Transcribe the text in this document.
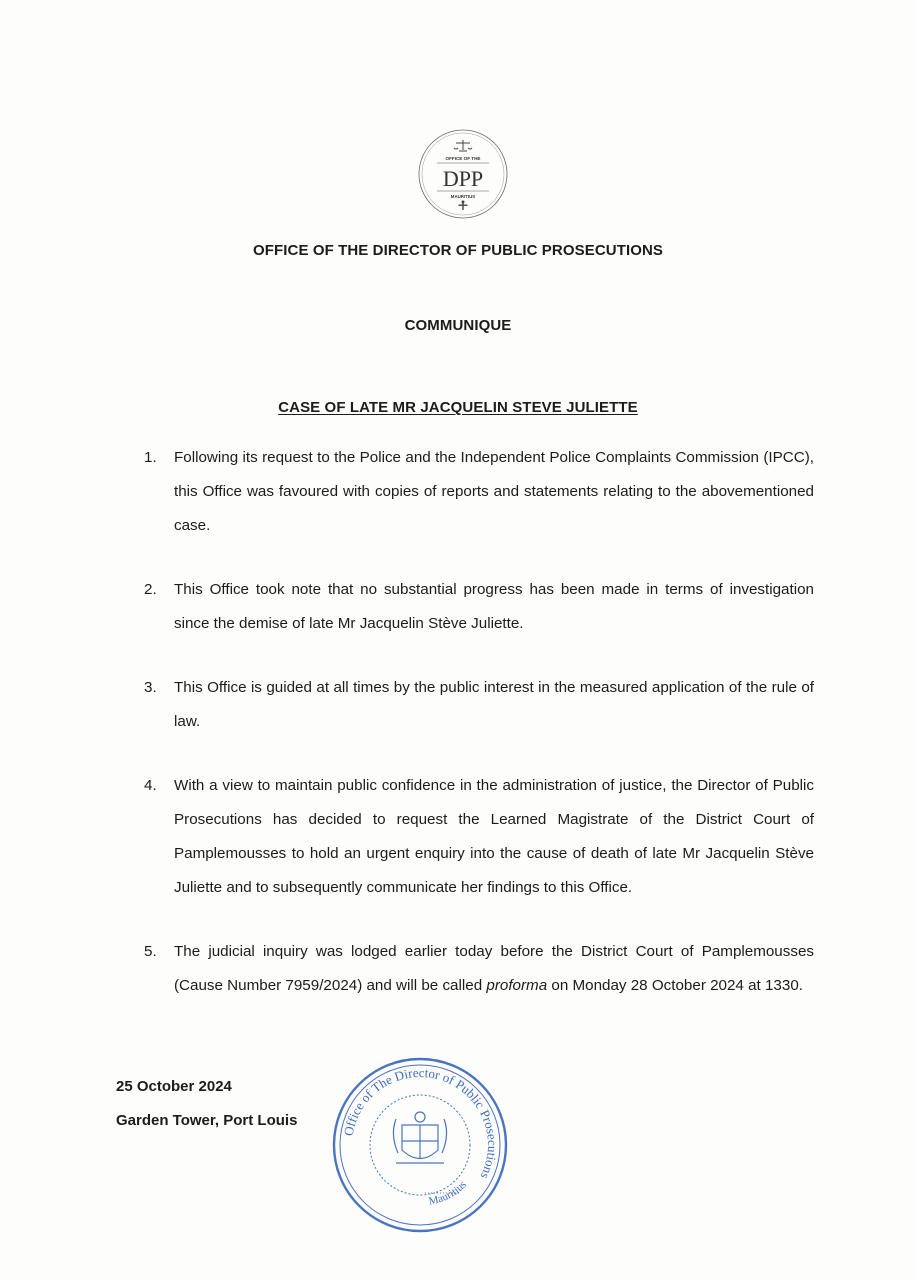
OFFICE OF THE
DPP
MAURITIUS
OFFICE OF THE DIRECTOR OF PUBLIC PROSECUTIONS
COMMUNIQUE
CASE OF LATE MR JACQUELIN STEVE JULIETTE
1. Following its request to the Police and the Independent Police Complaints Commission (IPCC), this Office was favoured with copies of reports and statements relating to the abovementioned case.
2. This Office took note that no substantial progress has been made in terms of investigation since the demise of late Mr Jacquelin Stève Juliette.
3. This Office is guided at all times by the public interest in the measured application of the rule of law.
4. With a view to maintain public confidence in the administration of justice, the Director of Public Prosecutions has decided to request the Learned Magistrate of the District Court of Pamplemousses to hold an urgent enquiry into the cause of death of late Mr Jacquelin Stève Juliette and to subsequently communicate her findings to this Office.
5. The judicial inquiry was lodged earlier today before the District Court of Pamplemousses (Cause Number 7959/2024) and will be called proforma on Monday 28 October 2024 at 1330.
25 October 2024
Garden Tower, Port Louis
Office of The Director of Public Prosecutions
Mauritius
